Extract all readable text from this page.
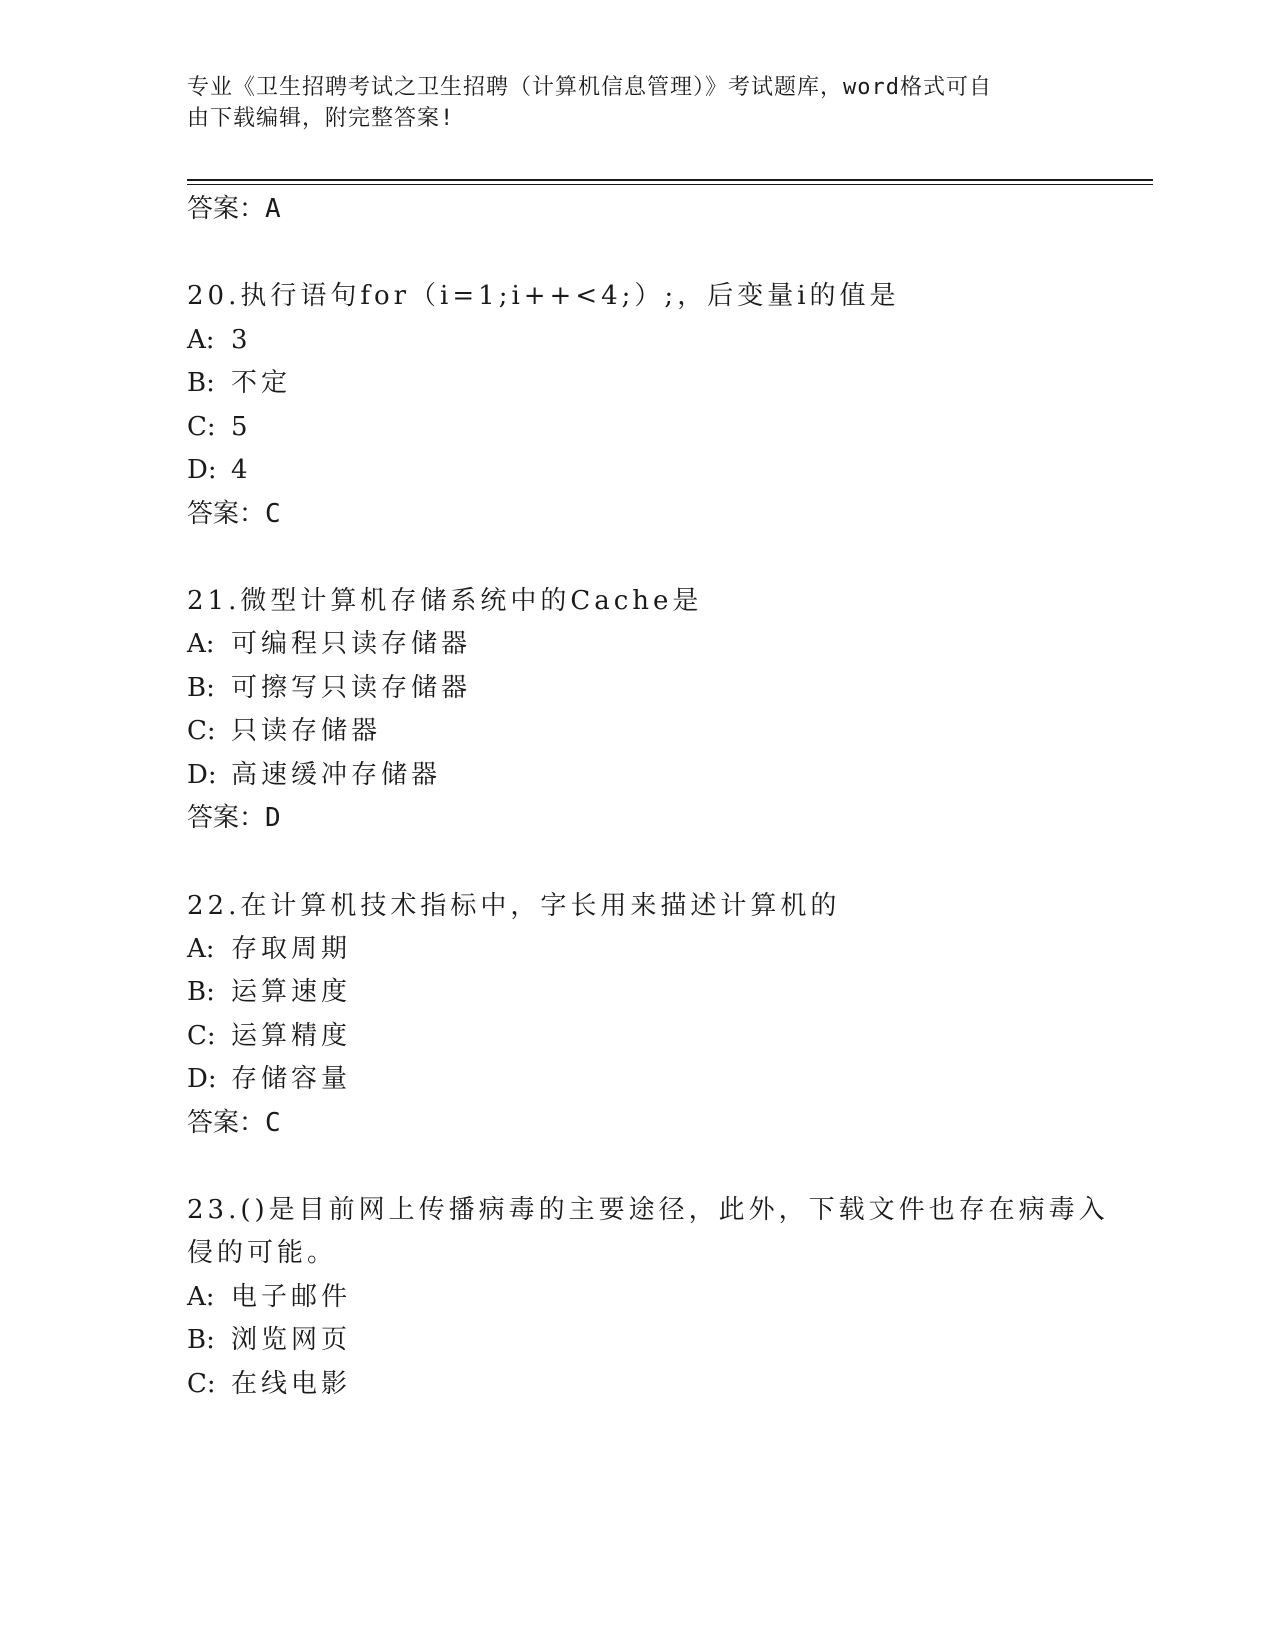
专业《卫生招聘考试之卫生招聘（计算机信息管理）》考试题库，word格式可自
由下载编辑，附完整答案!
答案：A
20.执行语句for（i=1;i++<4;）;，后变量i的值是
A: 3
B: 不定
C: 5
D: 4
答案：C
21.微型计算机存储系统中的Cache是
A: 可编程只读存储器
B: 可擦写只读存储器
C: 只读存储器
D: 高速缓冲存储器
答案：D
22.在计算机技术指标中，字长用来描述计算机的
A: 存取周期
B: 运算速度
C: 运算精度
D: 存储容量
答案：C
23.()是目前网上传播病毒的主要途径，此外，下载文件也存在病毒入
侵的可能。
A: 电子邮件
B: 浏览网页
C: 在线电影
